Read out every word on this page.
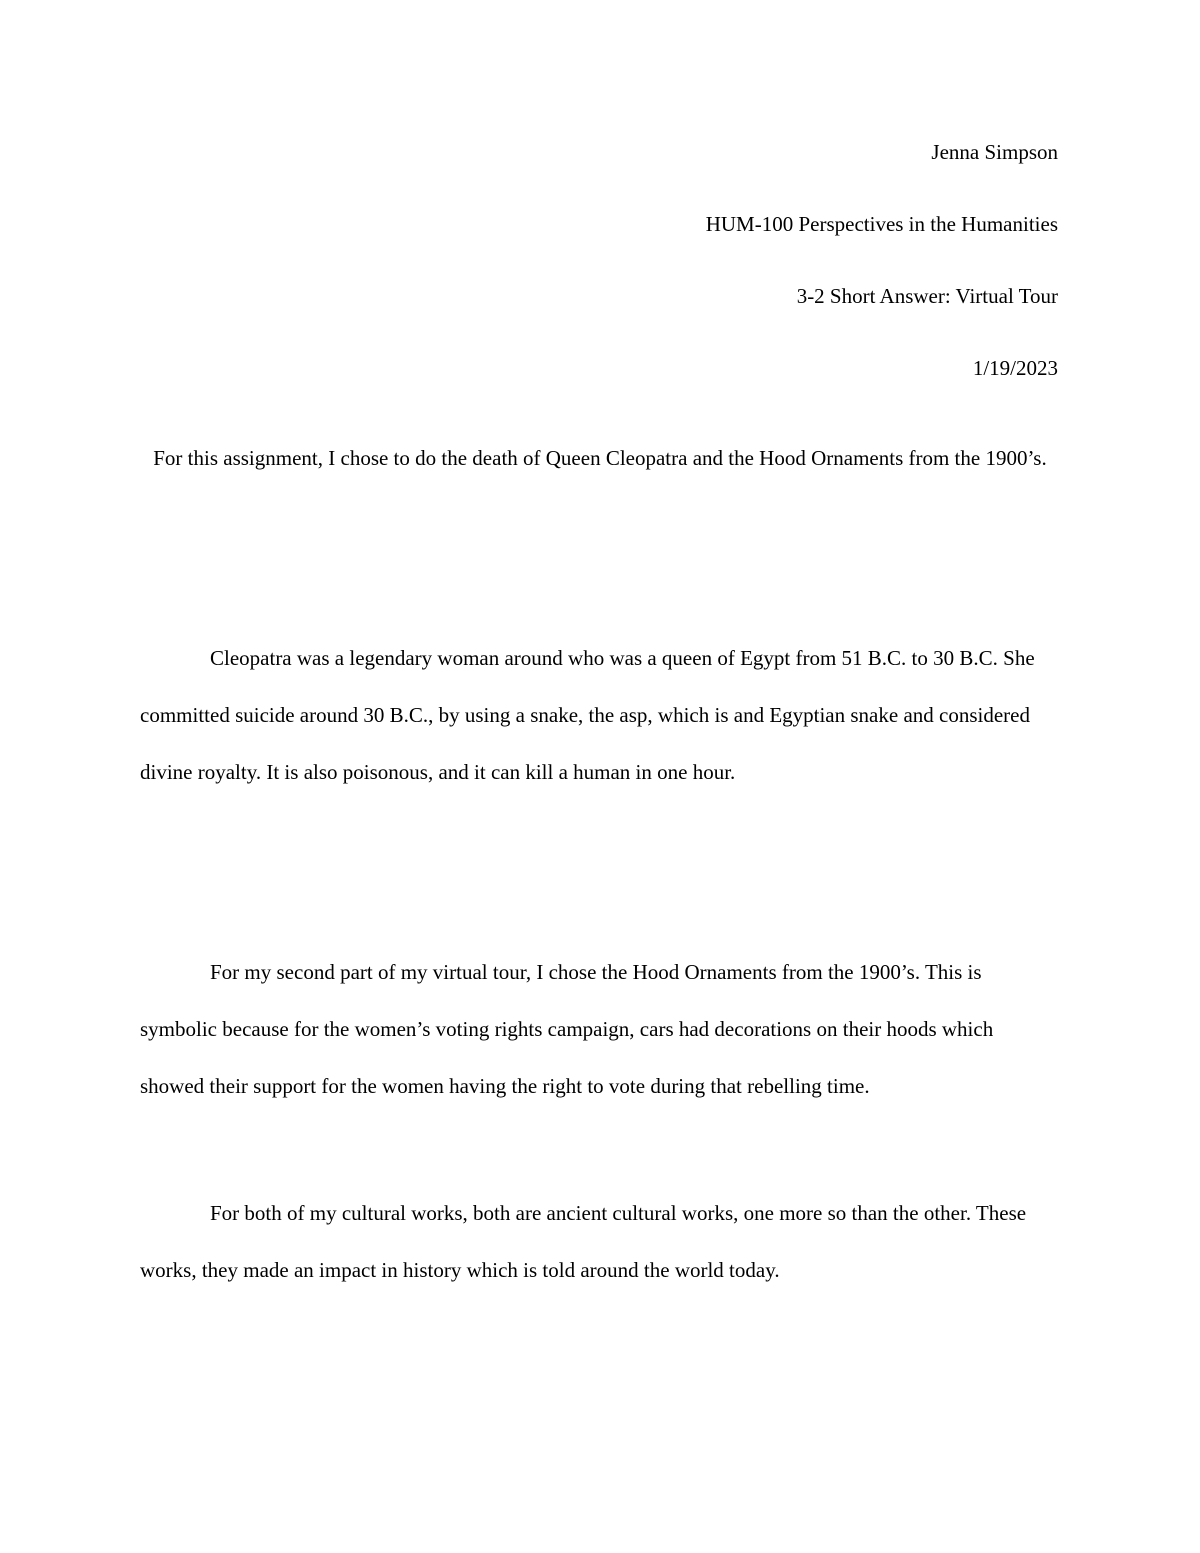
Jenna Simpson
HUM-100 Perspectives in the Humanities
3-2 Short Answer: Virtual Tour
1/19/2023
For this assignment, I chose to do the death of Queen Cleopatra and the Hood Ornaments from the 1900’s.

Cleopatra was a legendary woman around who was a queen of Egypt from 51 B.C. to 30 B.C. She committed suicide around 30 B.C., by using a snake, the asp, which is and Egyptian snake and considered divine royalty. It is also poisonous, and it can kill a human in one hour.

For my second part of my virtual tour, I chose the Hood Ornaments from the 1900’s. This is symbolic because for the women’s voting rights campaign, cars had decorations on their hoods which showed their support for the women having the right to vote during that rebelling time.

For both of my cultural works, both are ancient cultural works, one more so than the other. These works, they made an impact in history which is told around the world today.
